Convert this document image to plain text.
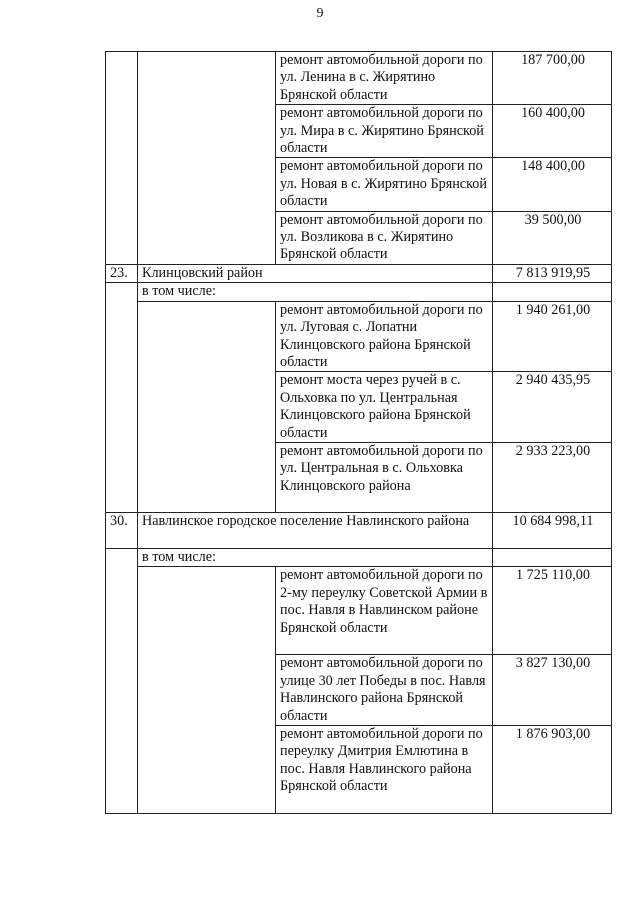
9
		ремонт автомобильной дороги по ул. Ленина в с. Жирятино Брянской области	187 700,00
		ремонт автомобильной дороги по ул. Мира в с. Жирятино Брянской области	160 400,00
		ремонт автомобильной дороги по ул. Новая в с. Жирятино Брянской области	148 400,00
		ремонт автомобильной дороги по ул. Возликова в с. Жирятино Брянской области	39 500,00
23.	Клинцовский район		7 813 919,95
	в том числе:		
		ремонт автомобильной дороги по ул. Луговая с. Лопатни Клинцовского района Брянской области	1 940 261,00
		ремонт моста через ручей в с. Ольховка по ул. Центральная Клинцовского района Брянской области	2 940 435,95
		ремонт автомобильной дороги по ул. Центральная в с. Ольховка Клинцовского района	2 933 223,00
30.	Навлинское городское поселение Навлинского района		10 684 998,11
	в том числе:		
		ремонт автомобильной дороги по 2-му переулку Советской Армии в пос. Навля в Навлинском районе Брянской области	1 725 110,00
		ремонт автомобильной дороги по улице 30 лет Победы в пос. Навля Навлинского района Брянской области	3 827 130,00
		ремонт автомобильной дороги по переулку Дмитрия Емлютина в пос. Навля Навлинского района Брянской области	1 876 903,00
